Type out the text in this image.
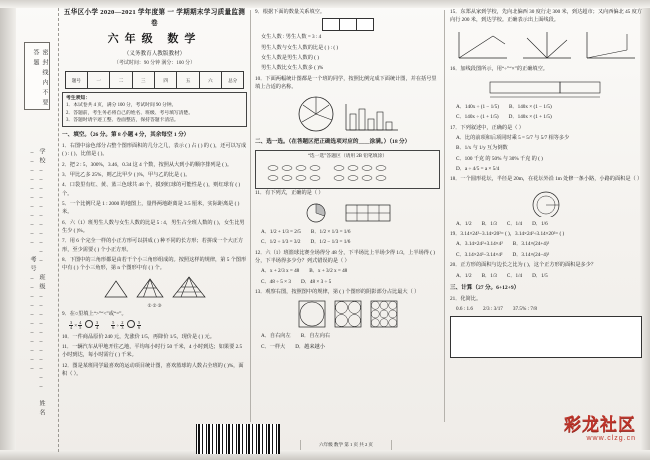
密封线内不要答题
学校___________ 班级___________ 姓名___________ 考号___________
五华区小学 2020—2021 学年度第 一 学期期末学习质量监测卷
六年级 数学
（义务教育人教版教材）
（考试时间：90 分钟 满分：100 分）
题号	一	二	三	四	五	六	总分
考生须知：
1．本试卷共 4 页，满分 100 分，考试时间 90 分钟。
2．答题前，考生务必将自己的姓名、班级、考号填写清楚。
3．答题时请字迹工整、卷面整洁，保持答题卡清洁。
一、填空。（26 分。第 8 小题 4 分，其余每空 1 分）
1．右图中涂色部分占整个图形面积的几分之几，表示 ( ) 占 ( ) 的 ( )，还可以写成 ( ) : ( )，比值是 ( )。
2．把 2 : 5，300%，3.46，0.34 这 4 个数，按照从大到小的顺序排列是 ( )。
3．甲比乙多 25%，则乙比甲少 ( )%，甲与乙的比是 ( )。
4．口袋里有红、黄、蓝三色球共 48 个，摸到红球的可能性是 ( )，则红球有 ( ) 个。
5．一个比例尺是 1 : 2000 的地图上，量得两地距离是 3.5 厘米，实际距离是 ( ) 米。
6．六（1）班男生人数与女生人数的比是 5 : 4，男生占全班人数的 ( )，女生比男生少 ( )%。
7．用 6 个完全一样的小正方形可以拼成 ( ) 种不同的长方形；若拼成一个大正方形，至少需要 ( ) 个小正方形。
8．下图中的三角形都是由若干个小三角形组成的。按照这样的规律，第 5 个图形中有 ( ) 个小三角形，第 n 个图形中有 ( ) 个。
① ② ③
9．在○里填上“>”“<”或“=”。
$\frac{3}{4} \times \frac{4}{5}$
	$\frac{3}{4}$	$\frac{5}{6} \div \frac{2}{3}$
	$\frac{5}{6}$
10．一件商品原价 240 元，先涨价 1/5，再降价 1/5，现价是 ( ) 元。
11．一辆汽车从甲地开往乙地，平均每小时行 50 千米，4 小时到达；如果要 2.5 小时到达，每小时需行 ( ) 千米。
12．图是某班同学最喜欢的运动项目统计图，喜欢篮球的人数占全班的 ( )%，面积（ ）。
9．根据下面的数量关系填空。

女生人数 : 男生人数 = 3 : 4
男生人数与女生人数的比是 ( ) : ( )
女生人数是男生人数的 ( )
男生人数比女生人数多 ( )%
10．下面两幅统计图都是一个班的同学，按照比例完成下面统计图，并在括号里填上合适的名称。
二、选一选。（在答题区把正确选项对应的____涂满。）（18 分）
“选一选”答题区（请用 2B 铅笔填涂）
11．有下列式，正确的是（ ）
A．1/2 + 1/3 = 2/5 B．1/2 × 1/3 = 1/6
C．1/2 ÷ 1/3 = 3/2 D．1/2 − 1/3 = 1/6
12．六（1）班篮球比赛全场得分 48 分，下半场比上半场少得 1/3，上半场得 ( ) 分，下半场得多少分？列式错误的是（ ）
A．x + 2/3 x = 48 B．x + 3/2 x = 48
C．48 ÷ 5 × 3 D．48 × 3 ÷ 5
13．观察右图，按照图中的规律，第 ( ) 个图形的阴影部分占比最大（ ）
A．自右向左 B．自左向右
C．一样大 D．越来越小
15．东郑从家到学校，先向北偏西 30 度行走 300 米，到达超市；又向西偏北 45 度方向行 200 米，到达学校。正确表示出上面线段。
16．加线段图所示，用“÷”“×”的正确填空。
A．140x ÷ (1 − 1/5) B．140x × (1 − 1/5)
C．140x ÷ (1 + 1/5) D．140x × (1 + 1/5)
17．下列叙述中，正确的是（ ）
A．比的前项和后项同时乘 5 = 5/7 与 5/7 相等多少
B．1/x 与 1/y 互为倒数
C．100 千克 的 50% 与 30% 千克 的 ( )
D．a ÷ 4/5 = a × 5/4
18．一个圆形花坛，半径是 20m，在花坛外沿 1m 处修一条小路，小路的面积是（ ）
A．1/2 B．1/3 C．1/4 D．1/6
19．3.14×24²−3.14×20²= ( )，3.14×24²÷3.14×20²= ( )
A．3.14×24²+3.14×4² B．3.14×(24+4)²
C．3.14×24²−3.14×4² D．3.14×(24−4)²
20．正方形的面积与边长之比为 ( )，这个正方形的面积是多少？
A．1/2 B．1/3 C．1/4 D．1/5
三、计算（27 分。6+12+9）
21．化简比。
0.6 : 1.6 2/3 : 3/17 37.5% : 7/8
六年级 数学 第 1 页 共 2 页
彩龙社区
www.clzg.cn
